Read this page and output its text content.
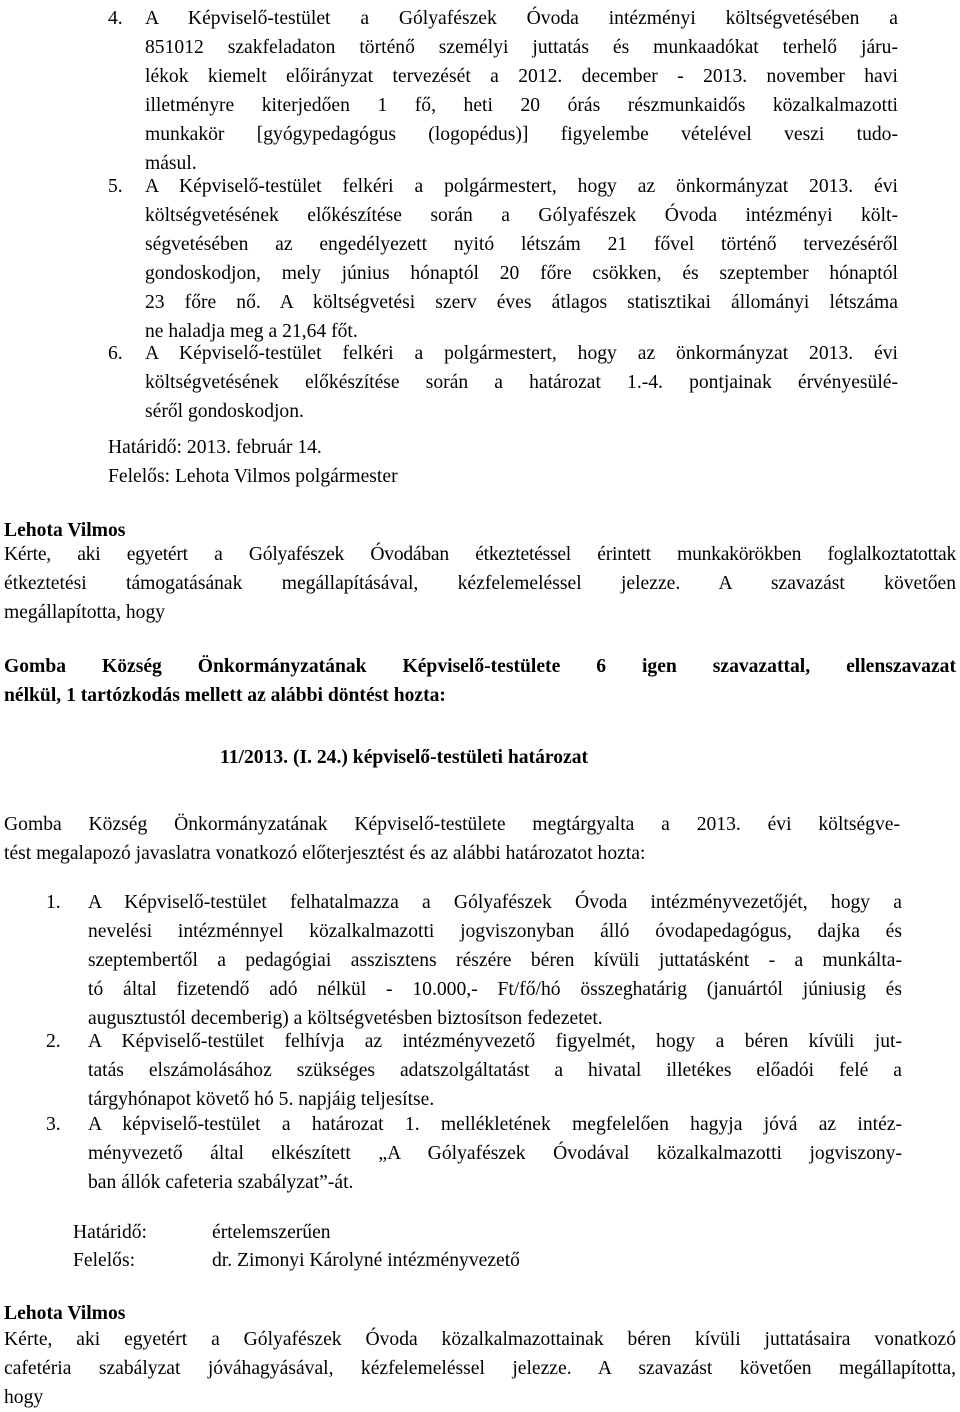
4. A Képviselő-testület a Gólyafészek Óvoda intézményi költségvetésében a
851012 szakfeladaton történő személyi juttatás és munkaadókat terhelő járu-
lékok kiemelt előirányzat tervezését a 2012. december - 2013. november havi
illetményre kiterjedően 1 fő, heti 20 órás részmunkaidős közalkalmazotti
munkakör [gyógypedagógus (logopédus)] figyelembe vételével veszi tudo-
másul.
5. A Képviselő-testület felkéri a polgármestert, hogy az önkormányzat 2013. évi
költségvetésének előkészítése során a Gólyafészek Óvoda intézményi költ-
ségvetésében az engedélyezett nyitó létszám 21 fővel történő tervezéséről
gondoskodjon, mely június hónaptól 20 főre csökken, és szeptember hónaptól
23 főre nő. A költségvetési szerv éves átlagos statisztikai állományi létszáma
ne haladja meg a 21,64 főt.
6. A Képviselő-testület felkéri a polgármestert, hogy az önkormányzat 2013. évi
költségvetésének előkészítése során a határozat 1.-4. pontjainak érvényesülé-
séről gondoskodjon.
Határidő: 2013. február 14.
Felelős: Lehota Vilmos polgármester
Lehota Vilmos
Kérte, aki egyetért a Gólyafészek Óvodában étkeztetéssel érintett munkakörökben foglalkoztatottak
étkeztetési támogatásának megállapításával, kézfelemeléssel jelezze. A szavazást követően
megállapította, hogy
Gomba Község Önkormányzatának Képviselő-testülete 6 igen szavazattal, ellenszavazat
nélkül, 1 tartózkodás mellett az alábbi döntést hozta:
11/2013. (I. 24.) képviselő-testületi határozat
Gomba Község Önkormányzatának Képviselő-testülete megtárgyalta a 2013. évi költségve-
tést megalapozó javaslatra vonatkozó előterjesztést és az alábbi határozatot hozta:
1. A Képviselő-testület felhatalmazza a Gólyafészek Óvoda intézményvezetőjét, hogy a
nevelési intézménnyel közalkalmazotti jogviszonyban álló óvodapedagógus, dajka és
szeptembertől a pedagógiai asszisztens részére béren kívüli juttatásként - a munkálta-
tó által fizetendő adó nélkül - 10.000,- Ft/fő/hó összeghatárig (januártól júniusig és
augusztustól decemberig) a költségvetésben biztosítson fedezetet.
2. A Képviselő-testület felhívja az intézményvezető figyelmét, hogy a béren kívüli jut-
tatás elszámolásához szükséges adatszolgáltatást a hivatal illetékes előadói felé a
tárgyhónapot követő hó 5. napjáig teljesítse.
3. A képviselő-testület a határozat 1. mellékletének megfelelően hagyja jóvá az intéz-
ményvezető által elkészített „A Gólyafészek Óvodával közalkalmazotti jogviszony-
ban állók cafeteria szabályzat”-át.
Határidő:	értelemszerűen
Felelős:	dr. Zimonyi Károlyné intézményvezető
Lehota Vilmos
Kérte, aki egyetért a Gólyafészek Óvoda közalkalmazottainak béren kívüli juttatásaira vonatkozó
cafetéria szabályzat jóváhagyásával, kézfelemeléssel jelezze. A szavazást követően megállapította,
hogy
